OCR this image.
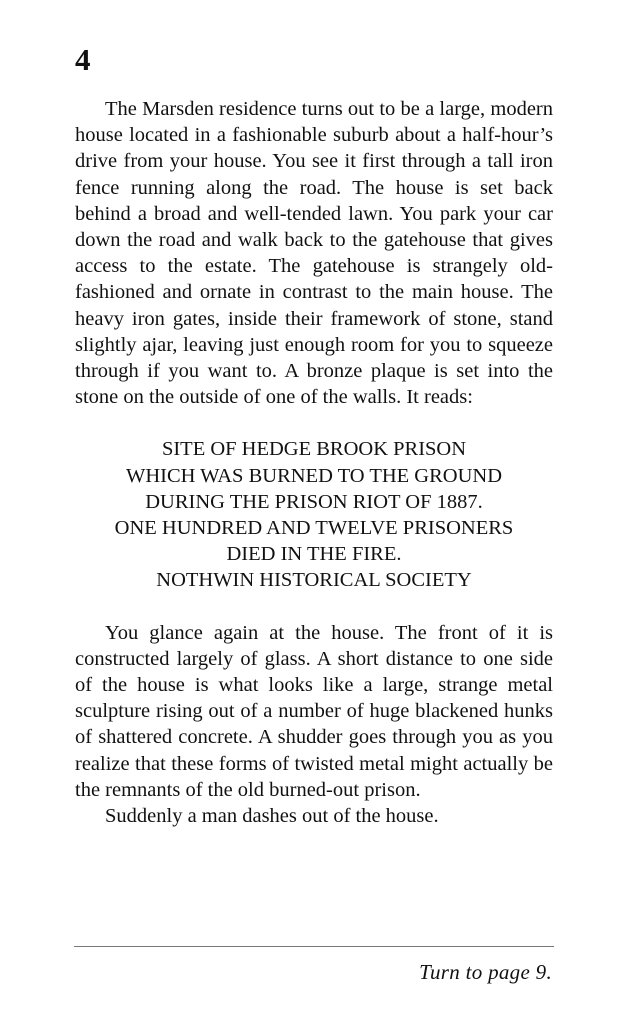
4

The Marsden residence turns out to be a large, modern house located in a fashionable suburb about a half-hour’s drive from your house. You see it first through a tall iron fence running along the road. The house is set back behind a broad and well-tended lawn. You park your car down the road and walk back to the gatehouse that gives access to the estate. The gatehouse is strangely old-fashioned and ornate in contrast to the main house. The heavy iron gates, inside their framework of stone, stand slightly ajar, leaving just enough room for you to squeeze through if you want to. A bronze plaque is set into the stone on the outside of one of the walls. It reads:

SITE OF HEDGE BROOK PRISON
WHICH WAS BURNED TO THE GROUND
DURING THE PRISON RIOT OF 1887.
ONE HUNDRED AND TWELVE PRISONERS
DIED IN THE FIRE.
NOTHWIN HISTORICAL SOCIETY

You glance again at the house. The front of it is constructed largely of glass. A short distance to one side of the house is what looks like a large, strange metal sculpture rising out of a number of huge blackened hunks of shattered concrete. A shudder goes through you as you realize that these forms of twisted metal might actually be the remnants of the old burned-out prison.

Suddenly a man dashes out of the house.

Turn to page 9.
